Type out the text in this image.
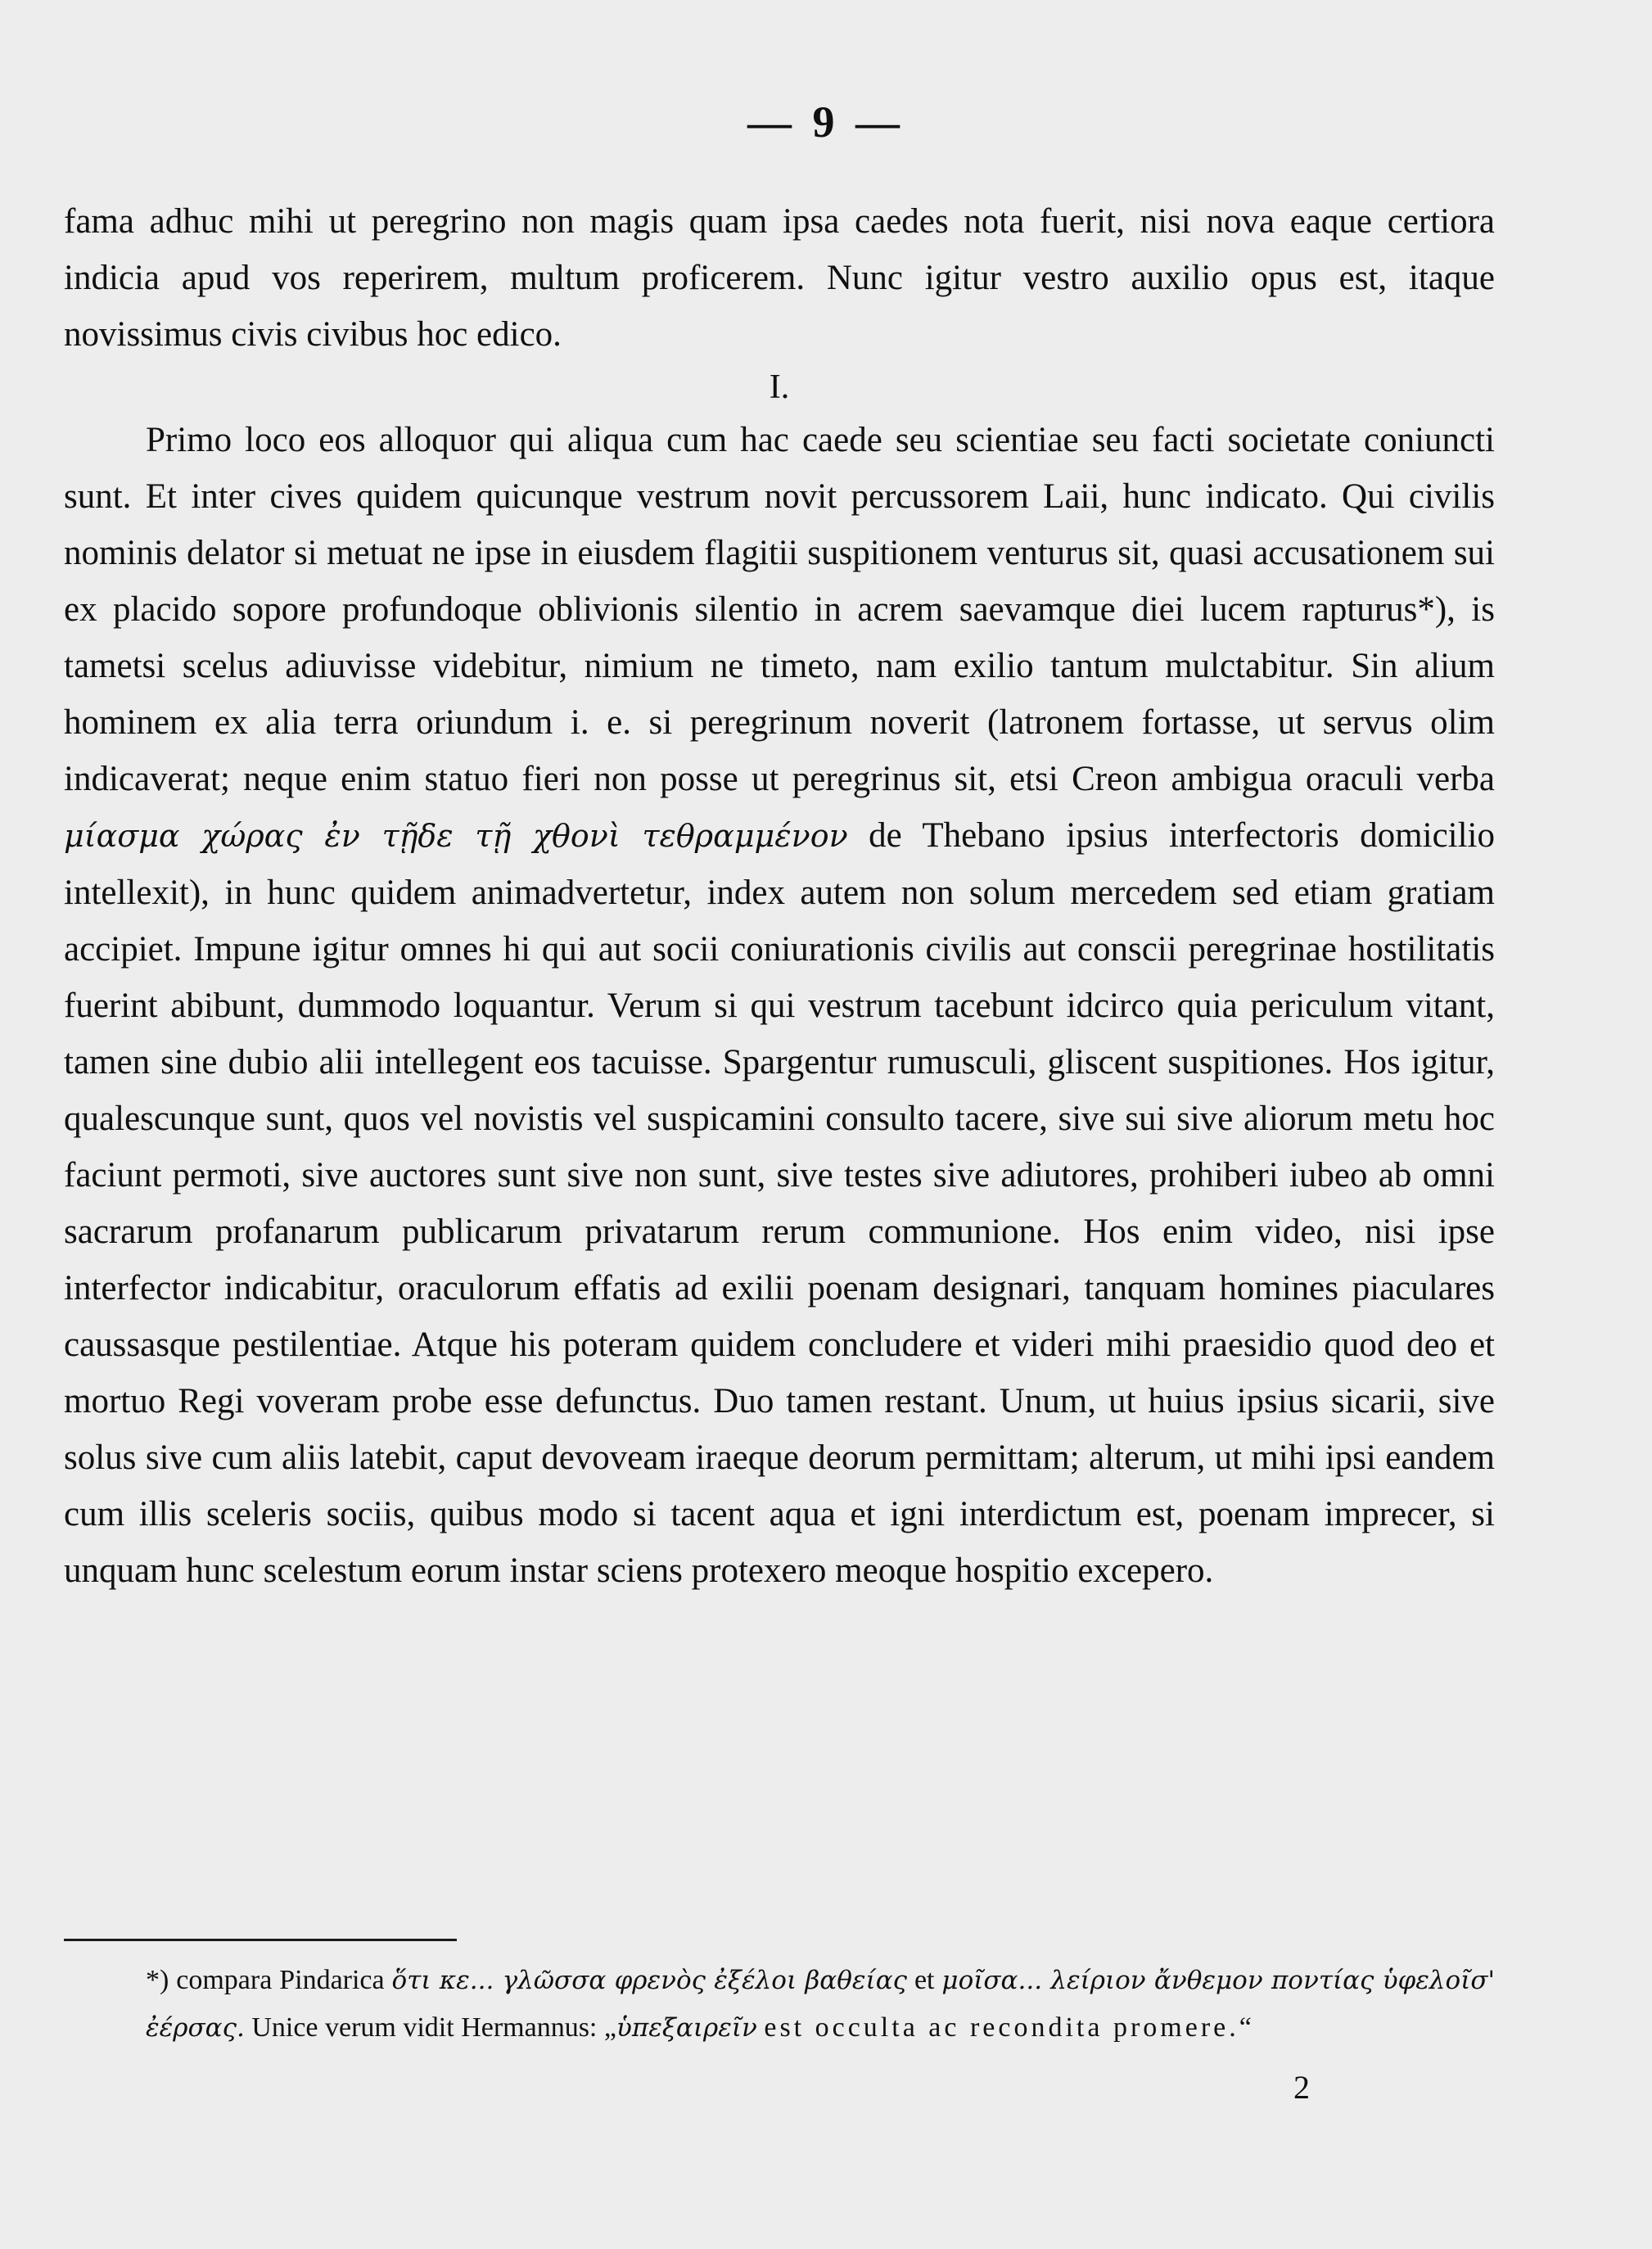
— 9 —

fama adhuc mihi ut peregrino non magis quam ipsa caedes nota fuerit, nisi nova eaque certiora indicia apud vos reperirem, multum proficerem. Nunc igitur vestro auxilio opus est, itaque novissimus civis civibus hoc edico.

I.

Primo loco eos alloquor qui aliqua cum hac caede seu scientiae seu facti societate coniuncti sunt. Et inter cives quidem quicunque vestrum novit percussorem Laii, hunc indicato. Qui civilis nominis delator si metuat ne ipse in eiusdem flagitii suspitionem venturus sit, quasi accusationem sui ex placido sopore profundoque oblivionis silentio in acrem saevamque diei lucem rapturus*), is tametsi scelus adiuvisse videbitur, nimium ne timeto, nam exilio tantum mulctabitur. Sin alium hominem ex alia terra oriundum i. e. si peregrinum noverit (latronem fortasse, ut servus olim indicaverat; neque enim statuo fieri non posse ut peregrinus sit, etsi Creon ambigua oraculi verba μίασμα χώρας ἐν τῇδε τῇ χθονὶ τεθραμμένον de Thebano ipsius interfectoris domicilio intellexit), in hunc quidem animadvertetur, index autem non solum mercedem sed etiam gratiam accipiet. Impune igitur omnes hi qui aut socii coniurationis civilis aut conscii peregrinae hostilitatis fuerint abibunt, dummodo loquantur. Verum si qui vestrum tacebunt idcirco quia periculum vitant, tamen sine dubio alii intellegent eos tacuisse. Spargentur rumusculi, gliscent suspitiones. Hos igitur, qualescunque sunt, quos vel novistis vel suspicamini consulto tacere, sive sui sive aliorum metu hoc faciunt permoti, sive auctores sunt sive non sunt, sive testes sive adiutores, prohiberi iubeo ab omni sacrarum profanarum publicarum privatarum rerum communione. Hos enim video, nisi ipse interfector indicabitur, oraculorum effatis ad exilii poenam designari, tanquam homines piaculares caussasque pestilentiae. Atque his poteram quidem concludere et videri mihi praesidio quod deo et mortuo Regi voveram probe esse defunctus. Duo tamen restant. Unum, ut huius ipsius sicarii, sive solus sive cum aliis latebit, caput devoveam iraeque deorum permittam; alterum, ut mihi ipsi eandem cum illis sceleris sociis, quibus modo si tacent aqua et igni interdictum est, poenam imprecer, si unquam hunc scelestum eorum instar sciens protexero meoque hospitio excepero.

*) compara Pindarica ὅτι κε... γλῶσσα φρενὸς ἐξέλοι βαθείας et μοῖσα... λείριον ἄνθεμον ποντίας ὑφελοῖσ' ἐέρσας. Unice verum vidit Hermannus: „ὑπεξαιρεῖν est occulta ac recondita promere.“

2
